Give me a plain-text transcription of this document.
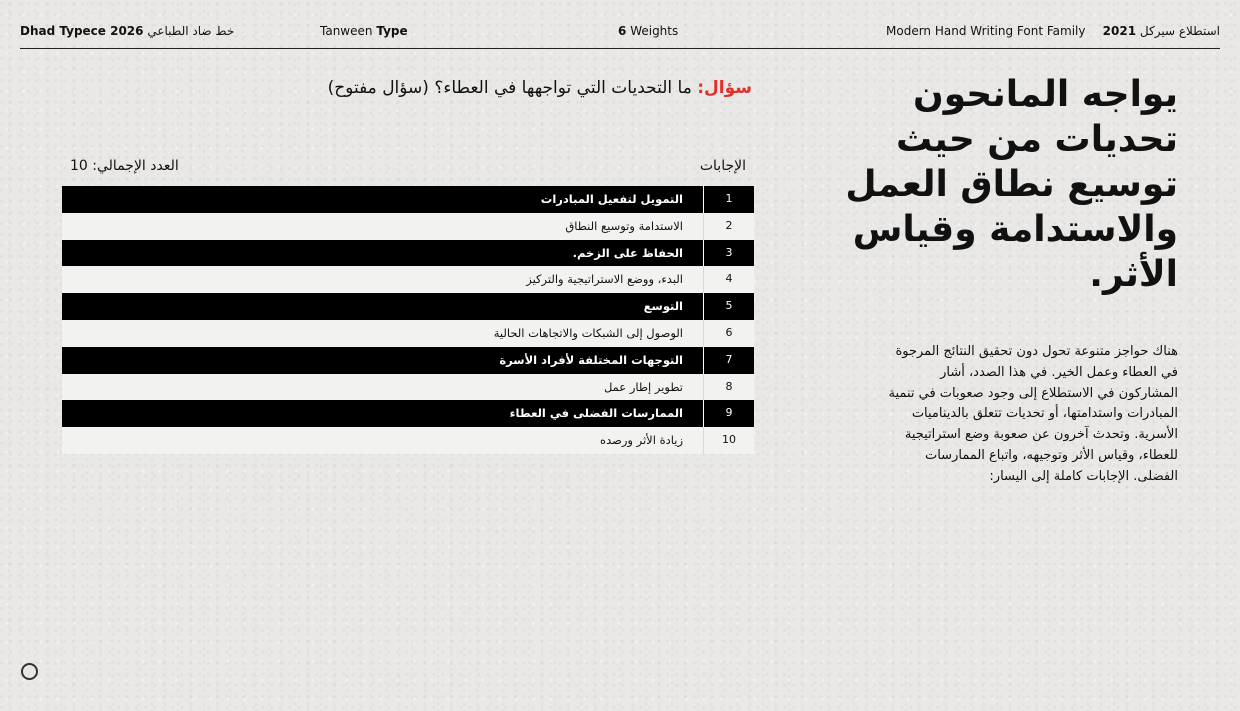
Dhad Typece 2026 خط ضاد الطباعي	Tanween Type	6 Weights	Modern Hand Writing Font Family	استطلاع سيركل 2021
يواجه المانحون تحديات من حيث توسيع نطاق العمل والاستدامة وقياس الأثر.
هناك حواجز متنوعة تحول دون تحقيق النتائج المرجوة في العطاء وعمل الخير. في هذا الصدد، أشار المشاركون في الاستطلاع إلى وجود صعوبات في تنمية المبادرات واستدامتها، أو تحديات تتعلق بالديناميات الأسرية. وتحدث آخرون عن صعوبة وضع استراتيجية للعطاء، وقياس الأثر وتوجيهه، واتباع الممارسات الفضلى. الإجابات كاملة إلى اليسار:
سؤال: ما التحديات التي تواجهها في العطاء؟ (سؤال مفتوح)
الإجابات
العدد الإجمالي: 10
التمويل لتفعيل المبادرات	1
الاستدامة وتوسيع النطاق	2
الحفاظ على الزخم.	3
البدء، ووضع الاستراتيجية والتركيز	4
التوسع	5
الوصول إلى الشبكات والاتجاهات الحالية	6
التوجهات المختلفة لأفراد الأسرة	7
تطوير إطار عمل	8
الممارسات الفضلى في العطاء	9
زيادة الأثر ورصده	10
